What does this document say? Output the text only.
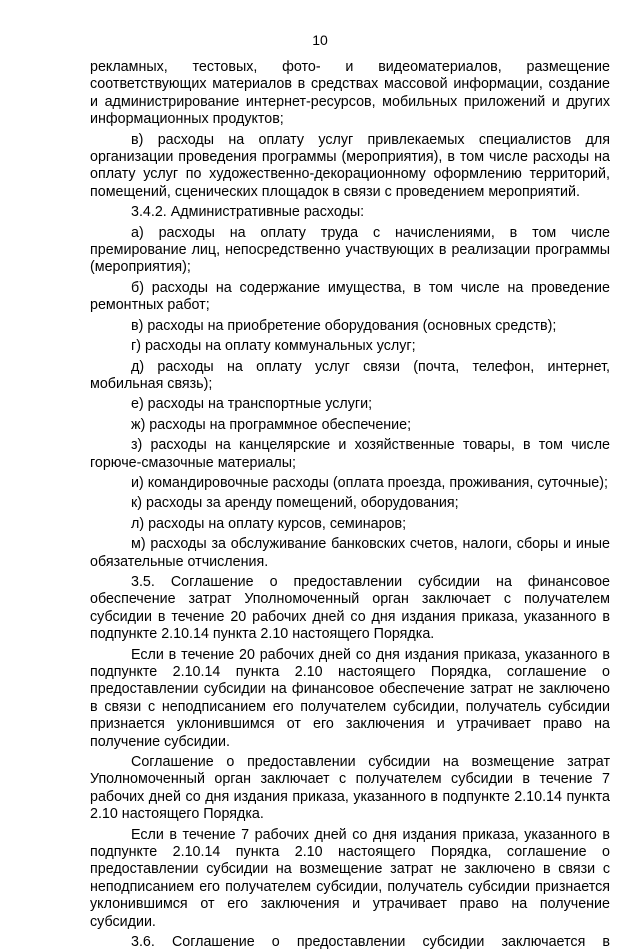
10

рекламных, тестовых, фото- и видеоматериалов, размещение соответствующих материалов в средствах массовой информации, создание и администрирование интернет-ресурсов, мобильных приложений и других информационных продуктов;

в) расходы на оплату услуг привлекаемых специалистов для организации проведения программы (мероприятия), в том числе расходы на оплату услуг по художественно-декорационному оформлению территорий, помещений, сценических площадок в связи с проведением мероприятий.

3.4.2. Административные расходы:

а) расходы на оплату труда с начислениями, в том числе премирование лиц, непосредственно участвующих в реализации программы (мероприятия);

б) расходы на содержание имущества, в том числе на проведение ремонтных работ;

в) расходы на приобретение оборудования (основных средств);

г) расходы на оплату коммунальных услуг;

д) расходы на оплату услуг связи (почта, телефон, интернет, мобильная связь);

е) расходы на транспортные услуги;

ж) расходы на программное обеспечение;

з) расходы на канцелярские и хозяйственные товары, в том числе горюче-смазочные материалы;

и) командировочные расходы (оплата проезда, проживания, суточные);

к) расходы за аренду помещений, оборудования;

л) расходы на оплату курсов, семинаров;

м) расходы за обслуживание банковских счетов, налоги, сборы и иные обязательные отчисления.

3.5. Соглашение о предоставлении субсидии на финансовое обеспечение затрат Уполномоченный орган заключает с получателем субсидии в течение 20 рабочих дней со дня издания приказа, указанного в подпункте 2.10.14 пункта 2.10 настоящего Порядка.

Если в течение 20 рабочих дней со дня издания приказа, указанного в подпункте 2.10.14 пункта 2.10 настоящего Порядка, соглашение о предоставлении субсидии на финансовое обеспечение затрат не заключено в связи с неподписанием его получателем субсидии, получатель субсидии признается уклонившимся от его заключения и утрачивает право на получение субсидии.

Соглашение о предоставлении субсидии на возмещение затрат Уполномоченный орган заключает с получателем субсидии в течение 7 рабочих дней со дня издания приказа, указанного в подпункте 2.10.14 пункта 2.10 настоящего Порядка.

Если в течение 7 рабочих дней со дня издания приказа, указанного в подпункте 2.10.14 пункта 2.10 настоящего Порядка, соглашение о предоставлении субсидии на возмещение затрат не заключено в связи с неподписанием его получателем субсидии, получатель субсидии признается уклонившимся от его заключения и утрачивает право на получение субсидии.

3.6. Соглашение о предоставлении субсидии заключается в
